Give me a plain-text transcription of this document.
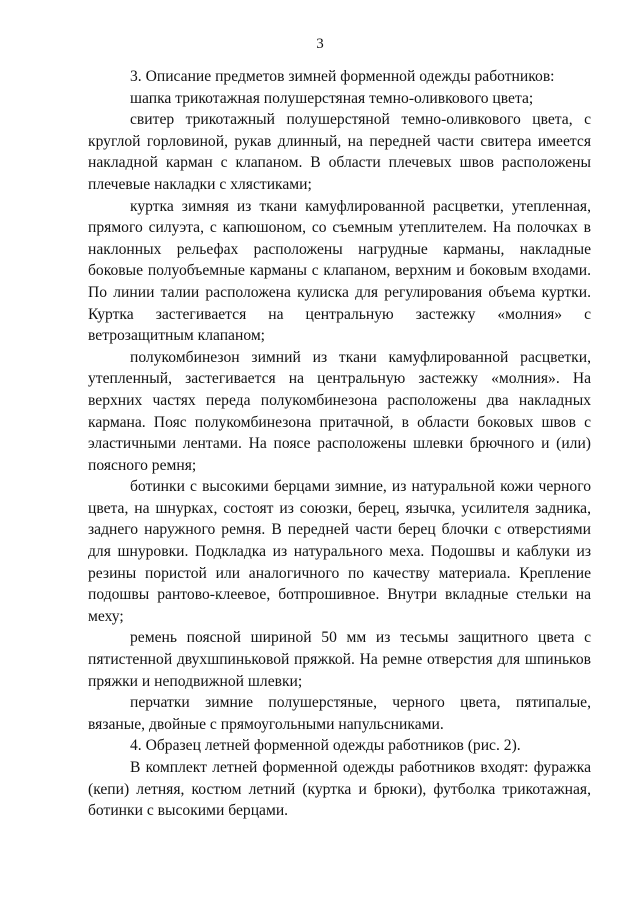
3

3. Описание предметов зимней форменной одежды работников:

шапка трикотажная полушерстяная темно-оливкового цвета;

свитер трикотажный полушерстяной темно-оливкового цвета, с круглой горловиной, рукав длинный, на передней части свитера имеется накладной карман с клапаном. В области плечевых швов расположены плечевые накладки с хлястиками;

куртка зимняя из ткани камуфлированной расцветки, утепленная, прямого силуэта, с капюшоном, со съемным утеплителем. На полочках в наклонных рельефах расположены нагрудные карманы, накладные боковые полуобъемные карманы с клапаном, верхним и боковым входами. По линии талии расположена кулиска для регулирования объема куртки. Куртка застегивается на центральную застежку «молния» с ветрозащитным клапаном;

полукомбинезон зимний из ткани камуфлированной расцветки, утепленный, застегивается на центральную застежку «молния». На верхних частях переда полукомбинезона расположены два накладных кармана. Пояс полукомбинезона притачной, в области боковых швов с эластичными лентами. На поясе расположены шлевки брючного и (или) поясного ремня;

ботинки с высокими берцами зимние, из натуральной кожи черного цвета, на шнурках, состоят из союзки, берец, язычка, усилителя задника, заднего наружного ремня. В передней части берец блочки с отверстиями для шнуровки. Подкладка из натурального меха. Подошвы и каблуки из резины пористой или аналогичного по качеству материала. Крепление подошвы рантово-клеевое, ботпрошивное. Внутри вкладные стельки на меху;

ремень поясной шириной 50 мм из тесьмы защитного цвета с пятистенной двухшпиньковой пряжкой. На ремне отверстия для шпиньков пряжки и неподвижной шлевки;

перчатки зимние полушерстяные, черного цвета, пятипалые, вязаные, двойные с прямоугольными напульсниками.

4. Образец летней форменной одежды работников (рис. 2).

В комплект летней форменной одежды работников входят: фуражка (кепи) летняя, костюм летний (куртка и брюки), футболка трикотажная, ботинки с высокими берцами.
